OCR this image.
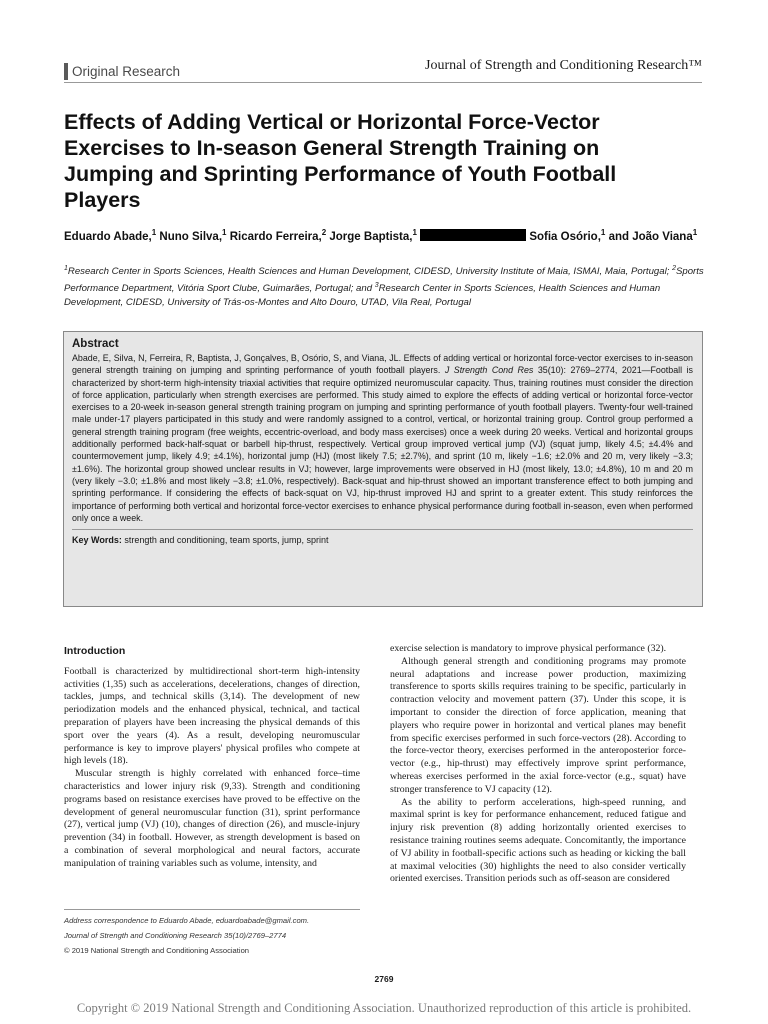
Original Research	Journal of Strength and Conditioning Research™
Effects of Adding Vertical or Horizontal Force-Vector Exercises to In-season General Strength Training on Jumping and Sprinting Performance of Youth Football Players
Eduardo Abade,$^1$ Nuno Silva,$^1$ Ricardo Ferreira,$^2$ Jorge Baptista,$^1$	Sofia Osório,$^1$ and João Viana$^1$
$^1$Research Center in Sports Sciences, Health Sciences and Human Development, CIDESD, University Institute of Maia, ISMAI, Maia, Portugal; $^2$Sports Performance Department, Vitória Sport Clube, Guimarães, Portugal; and $^3$Research Center in Sports Sciences, Health Sciences and Human Development, CIDESD, University of Trás-os-Montes and Alto Douro, UTAD, Vila Real, Portugal
Abstract
Abade, E, Silva, N, Ferreira, R, Baptista, J, Gonçalves, B, Osório, S, and Viana, JL. Effects of adding vertical or horizontal force-vector exercises to in-season general strength training on jumping and sprinting performance of youth football players. J Strength Cond Res 35(10): 2769–2774, 2021—Football is characterized by short-term high-intensity triaxial activities that require optimized neuromuscular capacity. Thus, training routines must consider the direction of force application, particularly when strength exercises are performed. This study aimed to explore the effects of adding vertical or horizontal force-vector exercises to a 20-week in-season general strength training program on jumping and sprinting performance of youth football players. Twenty-four well-trained male under-17 players participated in this study and were randomly assigned to a control, vertical, or horizontal training group. Control group performed a general strength training program (free weights, eccentric-overload, and body mass exercises) once a week during 20 weeks. Vertical and horizontal groups additionally performed back-half-squat or barbell hip-thrust, respectively. Vertical group improved vertical jump (VJ) (squat jump, likely 4.5; ±4.4% and countermovement jump, likely 4.9; ±4.1%), horizontal jump (HJ) (most likely 7.5; ±2.7%), and sprint (10 m, likely −1.6; ±2.0% and 20 m, very likely −3.3; ±1.6%). The horizontal group showed unclear results in VJ; however, large improvements were observed in HJ (most likely, 13.0; ±4.8%), 10 m and 20 m (very likely −3.0; ±1.8% and most likely −3.8; ±1.0%, respectively). Back-squat and hip-thrust showed an important transference effect to both jumping and sprinting performance. If considering the effects of back-squat on VJ, hip-thrust improved HJ and sprint to a greater extent. This study reinforces the importance of performing both vertical and horizontal force-vector exercises to enhance physical performance during football in-season, even when performed only once a week.
Key Words: strength and conditioning, team sports, jump, sprint
Introduction

Football is characterized by multidirectional short-term high-intensity activities (1,35) such as accelerations, decelerations, changes of direction, tackles, jumps, and technical skills (3,14). The development of new periodization models and the enhanced physical, technical, and tactical preparation of players have been increasing the physical demands of this sport over the years (4). As a result, developing neuromuscular performance is key to improve players' physical profiles who compete at high levels (18).

Muscular strength is highly correlated with enhanced force–time characteristics and lower injury risk (9,33). Strength and conditioning programs based on resistance exercises have proved to be effective on the development of general neuromuscular function (31), sprint performance (27), vertical jump (VJ) (10), changes of direction (26), and muscle-injury prevention (34) in football. However, as strength development is based on a combination of several morphological and neural factors, accurate manipulation of training variables such as volume, intensity, and

exercise selection is mandatory to improve physical performance (32).

Although general strength and conditioning programs may promote neural adaptations and increase power production, maximizing transference to sports skills requires training to be specific, particularly in contraction velocity and movement pattern (37). Under this scope, it is important to consider the direction of force application, meaning that players who require power in horizontal and vertical planes may benefit from specific exercises performed in such force-vectors (28). According to the force-vector theory, exercises performed in the anteroposterior force-vector (e.g., hip-thrust) may effectively improve sprint performance, whereas exercises performed in the axial force-vector (e.g., squat) have stronger transference to VJ capacity (12).

As the ability to perform accelerations, high-speed running, and maximal sprint is key for performance enhancement, reduced fatigue and injury risk prevention (8) adding horizontally oriented exercises to resistance training routines seems adequate. Concomitantly, the importance of VJ ability in football-specific actions such as heading or kicking the ball at maximal velocities (30) highlights the need to also consider vertically oriented exercises. Transition periods such as off-season are considered

Address correspondence to Eduardo Abade, eduardoabade@gmail.com.
Journal of Strength and Conditioning Research 35(10)/2769–2774
© 2019 National Strength and Conditioning Association
2769
Copyright © 2019 National Strength and Conditioning Association. Unauthorized reproduction of this article is prohibited.
